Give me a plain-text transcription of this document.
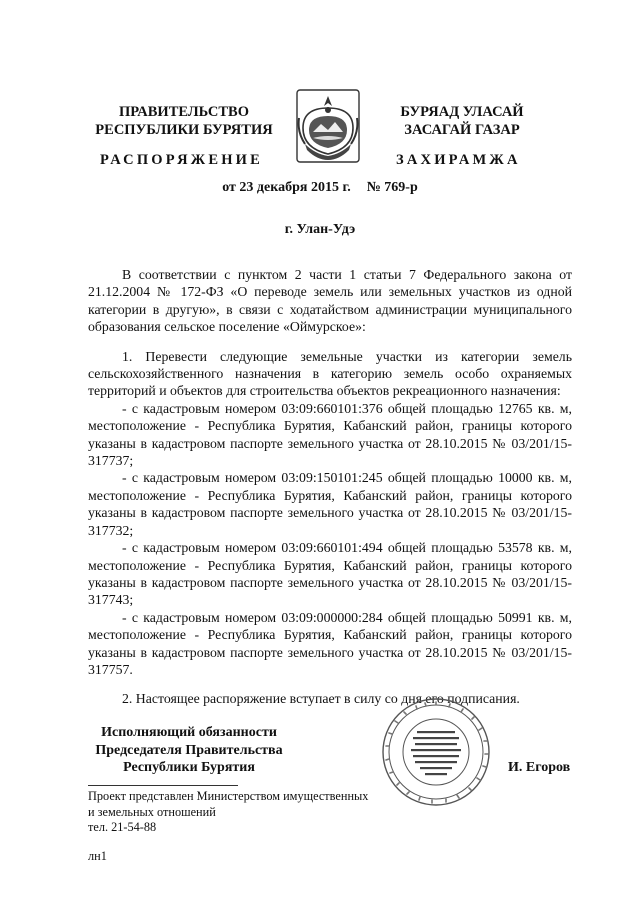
ПРАВИТЕЛЬСТВО
РЕСПУБЛИКИ БУРЯТИЯ
БУРЯАД УЛАСАЙ
ЗАСАГАЙ ГАЗАР
РАСПОРЯЖЕНИЕ	ЗАХИРАМЖА
от 23 декабря 2015 г. № 769-р
г. Улан-Удэ

В соответствии с пунктом 2 части 1 статьи 7 Федерального закона от 21.12.2004 № 172-ФЗ «О переводе земель или земельных участков из одной категории в другую», в связи с ходатайством администрации муниципального образования сельское поселение «Оймурское»:

1. Перевести следующие земельные участки из категории земель сельскохозяйственного назначения в категорию земель особо охраняемых территорий и объектов для строительства объектов рекреационного назначения:

- с кадастровым номером 03:09:660101:376 общей площадью 12765 кв. м, местоположение - Республика Бурятия, Кабанский район, границы которого указаны в кадастровом паспорте земельного участка от 28.10.2015 № 03/201/15-317737;

- с кадастровым номером 03:09:150101:245 общей площадью 10000 кв. м, местоположение - Республика Бурятия, Кабанский район, границы которого указаны в кадастровом паспорте земельного участка от 28.10.2015 № 03/201/15-317732;

- с кадастровым номером 03:09:660101:494 общей площадью 53578 кв. м, местоположение - Республика Бурятия, Кабанский район, границы которого указаны в кадастровом паспорте земельного участка от 28.10.2015 № 03/201/15-317743;

- с кадастровым номером 03:09:000000:284 общей площадью 50991 кв. м, местоположение - Республика Бурятия, Кабанский район, границы которого указаны в кадастровом паспорте земельного участка от 28.10.2015 № 03/201/15-317757.

2. Настоящее распоряжение вступает в силу со дня его подписания.

Исполняющий обязанности
Председателя Правительства
Республики Бурятия	И. Егоров
Проект представлен Министерством имущественных
и земельных отношений
тел. 21-54-88
лн1
